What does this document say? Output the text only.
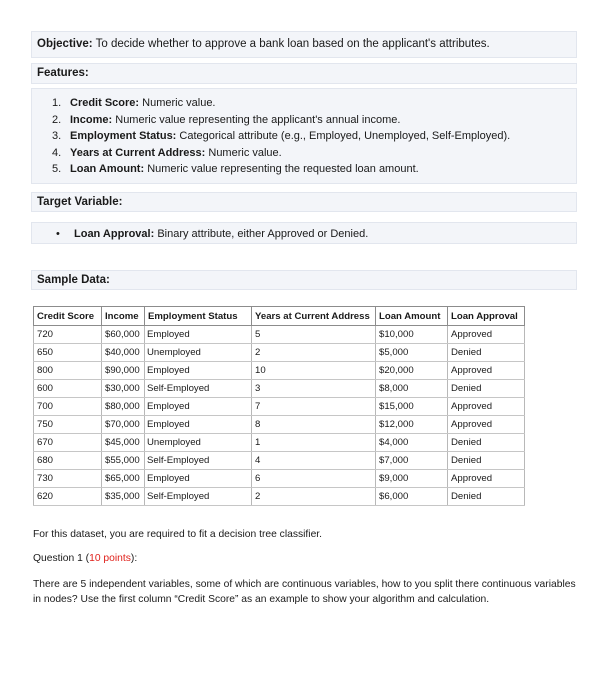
Objective: To decide whether to approve a bank loan based on the applicant's attributes.
Features:
1. Credit Score: Numeric value.
2. Income: Numeric value representing the applicant's annual income.
3. Employment Status: Categorical attribute (e.g., Employed, Unemployed, Self-Employed).
4. Years at Current Address: Numeric value.
5. Loan Amount: Numeric value representing the requested loan amount.
Target Variable:
• Loan Approval: Binary attribute, either Approved or Denied.
Sample Data:
Credit Score	Income	Employment Status	Years at Current Address	Loan Amount	Loan Approval
720	$60,000	Employed	5	$10,000	Approved
650	$40,000	Unemployed	2	$5,000	Denied
800	$90,000	Employed	10	$20,000	Approved
600	$30,000	Self-Employed	3	$8,000	Denied
700	$80,000	Employed	7	$15,000	Approved
750	$70,000	Employed	8	$12,000	Approved
670	$45,000	Unemployed	1	$4,000	Denied
680	$55,000	Self-Employed	4	$7,000	Denied
730	$65,000	Employed	6	$9,000	Approved
620	$35,000	Self-Employed	2	$6,000	Denied
For this dataset, you are required to fit a decision tree classifier.
Question 1 (10 points):
There are 5 independent variables, some of which are continuous variables, how to you split there continuous variables in nodes? Use the first column “Credit Score” as an example to show your algorithm and calculation.
